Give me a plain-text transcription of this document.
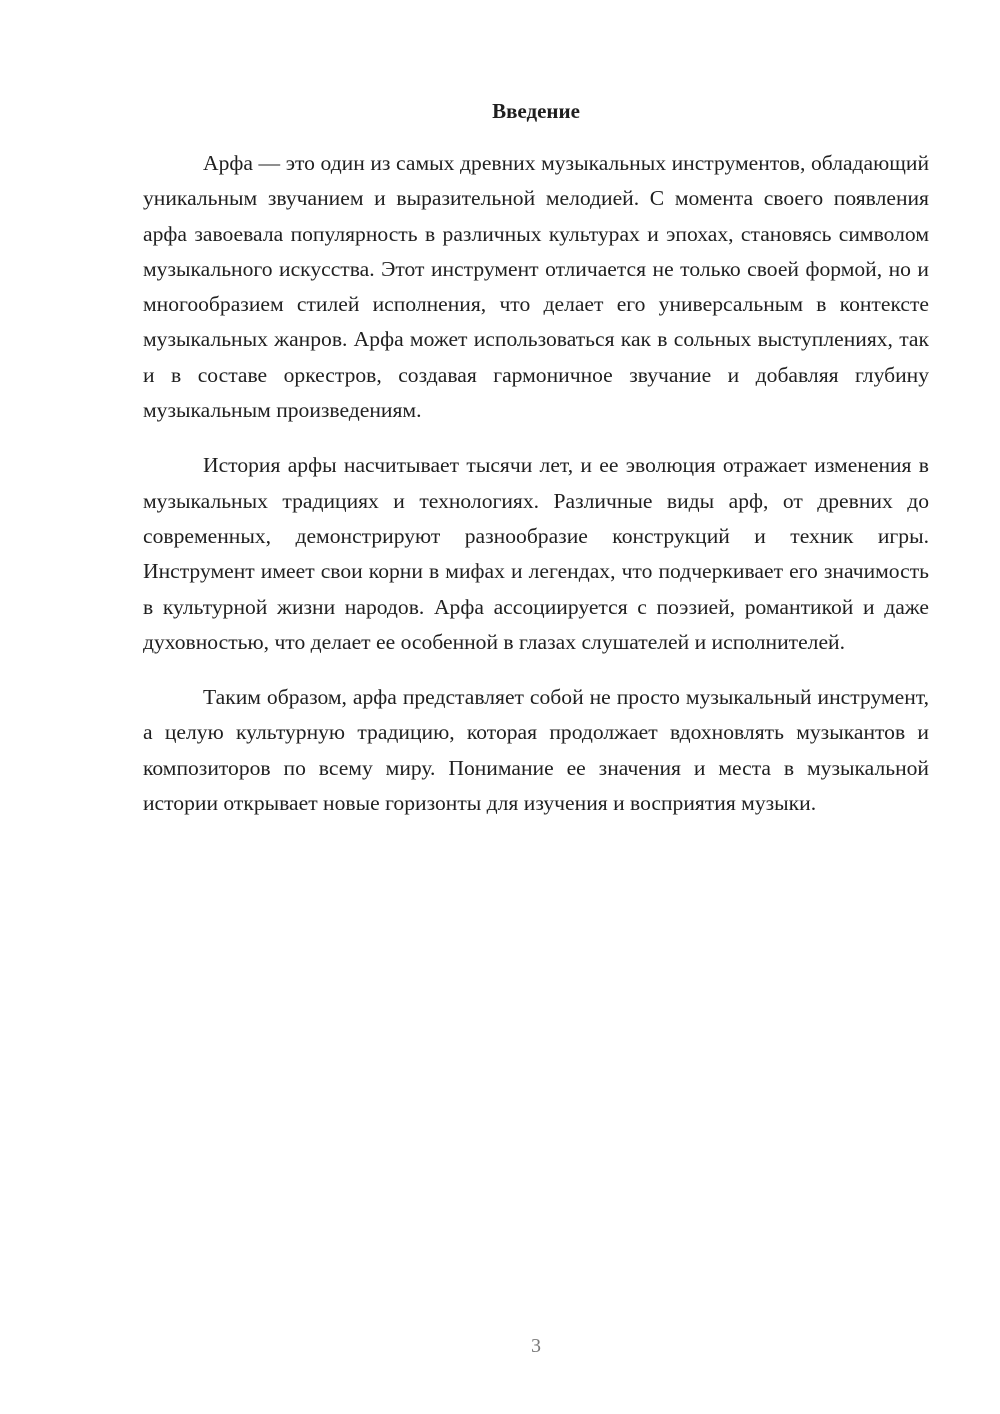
Введение

Арфа — это один из самых древних музыкальных инструментов, обладающий уникальным звучанием и выразительной мелодией. С момента своего появления арфа завоевала популярность в различных культурах и эпохах, становясь символом музыкального искусства. Этот инструмент отличается не только своей формой, но и многообразием стилей исполнения, что делает его универсальным в контексте музыкальных жанров. Арфа может использоваться как в сольных выступлениях, так и в составе оркестров, создавая гармоничное звучание и добавляя глубину музыкальным произведениям.

История арфы насчитывает тысячи лет, и ее эволюция отражает изменения в музыкальных традициях и технологиях. Различные виды арф, от древних до современных, демонстрируют разнообразие конструкций и техник игры. Инструмент имеет свои корни в мифах и легендах, что подчеркивает его значимость в культурной жизни народов. Арфа ассоциируется с поэзией, романтикой и даже духовностью, что делает ее особенной в глазах слушателей и исполнителей.

Таким образом, арфа представляет собой не просто музыкальный инструмент, а целую культурную традицию, которая продолжает вдохновлять музыкантов и композиторов по всему миру. Понимание ее значения и места в музыкальной истории открывает новые горизонты для изучения и восприятия музыки.

3
